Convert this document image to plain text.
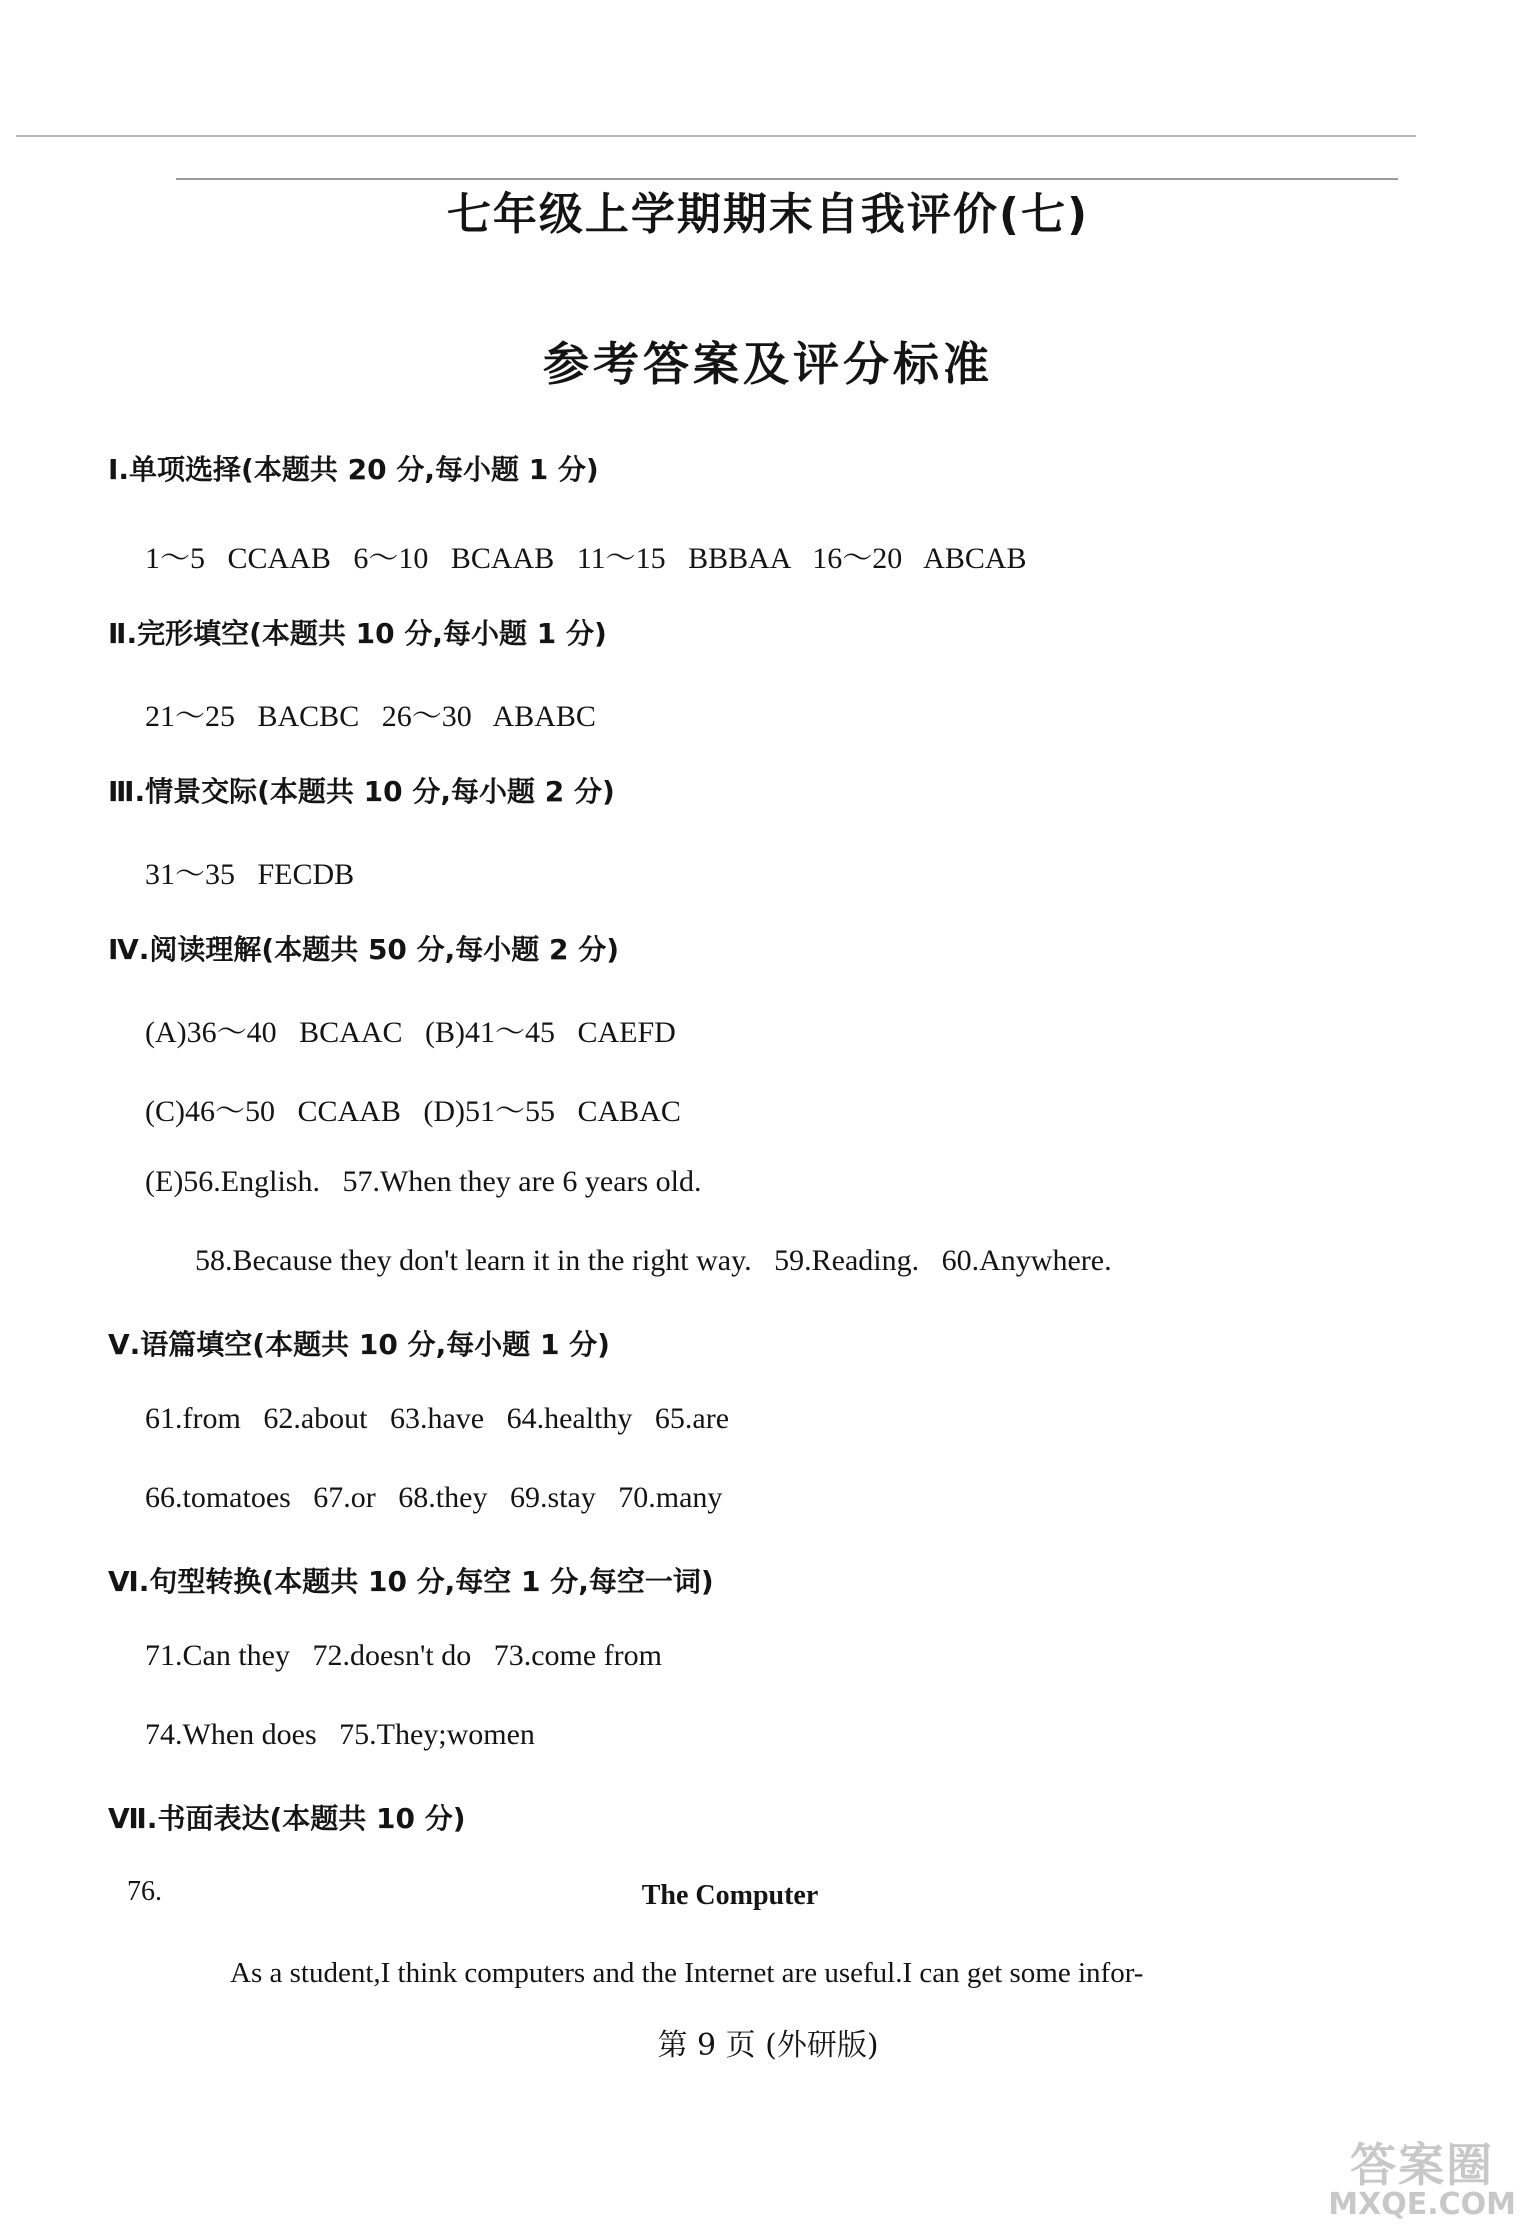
七年级上学期期末自我评价(七)
参考答案及评分标准
Ⅰ.单项选择(本题共 20 分,每小题 1 分)
1～5   CCAAB   6～10   BCAAB   11～15   BBBAA   16～20   ABCAB
Ⅱ.完形填空(本题共 10 分,每小题 1 分)
21～25   BACBC   26～30   ABABC
Ⅲ.情景交际(本题共 10 分,每小题 2 分)
31～35   FECDB
Ⅳ.阅读理解(本题共 50 分,每小题 2 分)
(A)36～40   BCAAC   (B)41～45   CAEFD
(C)46～50   CCAAB   (D)51～55   CABAC
(E)56.English.   57.When they are 6 years old.
58.Because they don't learn it in the right way.   59.Reading.   60.Anywhere.
Ⅴ.语篇填空(本题共 10 分,每小题 1 分)
61.from   62.about   63.have   64.healthy   65.are
66.tomatoes   67.or   68.they   69.stay   70.many
Ⅵ.句型转换(本题共 10 分,每空 1 分,每空一词)
71.Can they   72.doesn't do   73.come from
74.When does   75.They;women
Ⅶ.书面表达(本题共 10 分)
76.	The Computer
As a student,I think computers and the Internet are useful.I can get some infor-
第 9 页 (外研版)
答案圈
MXQE.COM
